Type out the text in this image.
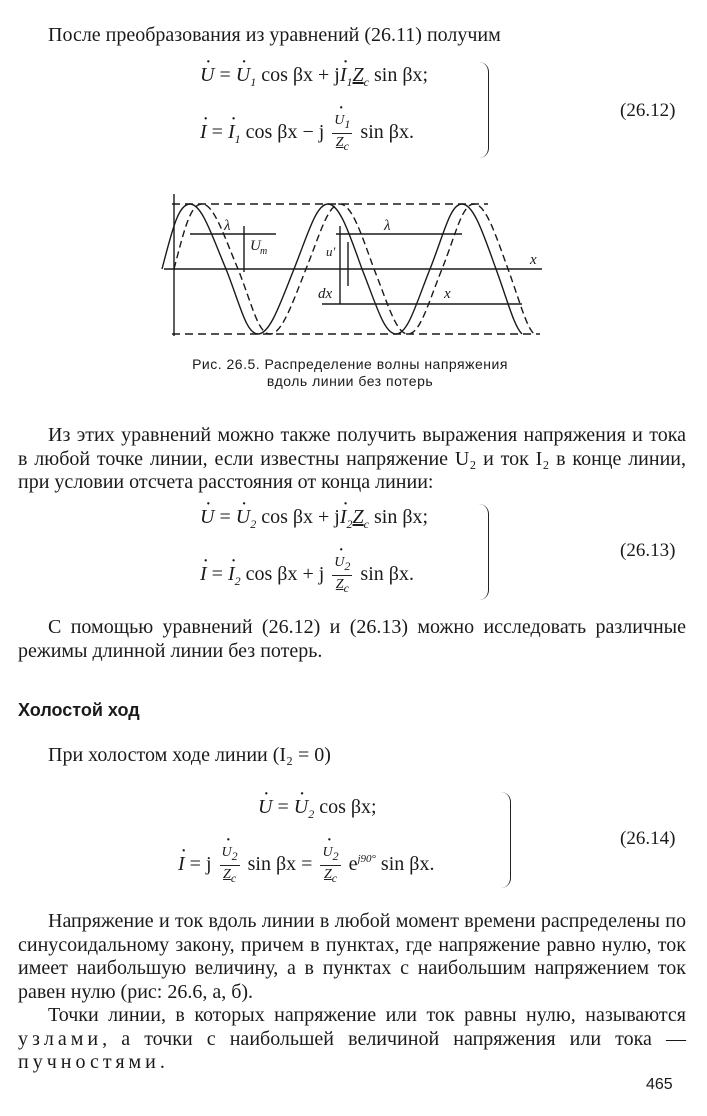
После преобразования из уравнений (26.11) получим
· U = · $U_1$ $\cos \beta x + j\cdot I_1Z_c$ sin βx;
· I = · $I_1$ cos βx − j
· $\frac{U_1}{Z_c}$ sin βx.
(26.12)
λ	λ
U m	u′
dx	x
x
Рис. 26.5. Распределение волны напряжения
вдоль линии без потерь
Из этих уравнений можно также получить выражения напряжения и тока в любой точке линии, если известны напряжение U₂ и ток I₂ в конце линии, при условии отсчета расстояния от конца линии:
· U = · $U_2$ $\cos \beta x + j\cdot I_2Z_c$ sin βx;
· I = · $I_2$ cos βx + j
· $\frac{U_2}{Z_c}$ sin βx.
(26.13)
С помощью уравнений (26.12) и (26.13) можно исследовать различные режимы длинной линии без потерь.
Холостой ход
При холостом ходе линии (I₂ = 0)
· U = · $U_2$ cos βx;
· I = j
· $\frac{U_2}{Z_c}$ sin βx =
· $\frac{U_2}{Z_c} e^{j90^\circ}$ sin βx.
(26.14)
Напряжение и ток вдоль линии в любой момент времени распределены по синусоидальному закону, причем в пунктах, где напряжение равно нулю, ток имеет наибольшую величину, а в пунктах с наибольшим напряжением ток равен нулю (рис: 26.6, а, б).
Точки линии, в которых напряжение или ток равны нулю, называются узлами, а точки с наибольшей величиной напряжения или тока — пучностями.
465
